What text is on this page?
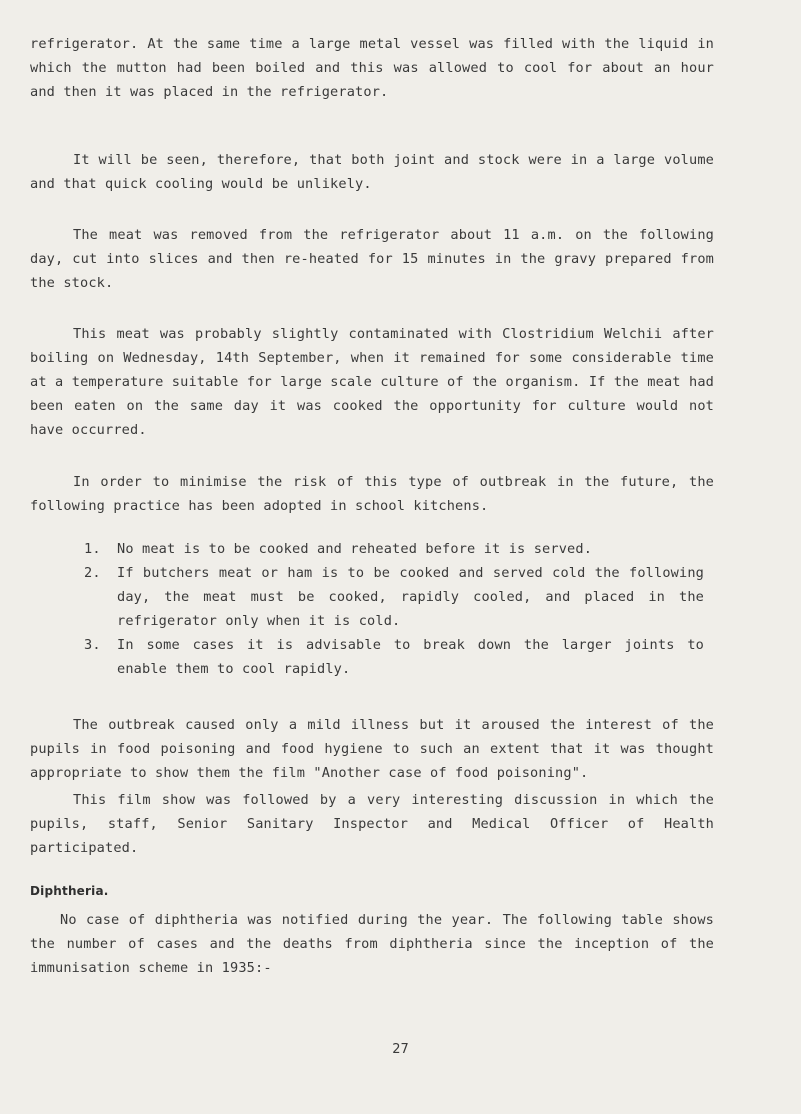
refrigerator. At the same time a large metal vessel was filled with the liquid in which the mutton had been boiled and this was allowed to cool for about an hour and then it was placed in the refrigerator.

It will be seen, therefore, that both joint and stock were in a large volume and that quick cooling would be unlikely.

The meat was removed from the refrigerator about 11 a.m. on the following day, cut into slices and then re-heated for 15 minutes in the gravy prepared from the stock.

This meat was probably slightly contaminated with Clostridium Welchii after boiling on Wednesday, 14th September, when it remained for some considerable time at a temperature suitable for large scale culture of the organism. If the meat had been eaten on the same day it was cooked the opportunity for culture would not have occurred.

In order to minimise the risk of this type of outbreak in the future, the following practice has been adopted in school kitchens.

1. No meat is to be cooked and reheated before it is served.
2. If butchers meat or ham is to be cooked and served cold the following day, the meat must be cooked, rapidly cooled, and placed in the refrigerator only when it is cold.
3. In some cases it is advisable to break down the larger joints to enable them to cool rapidly.

The outbreak caused only a mild illness but it aroused the interest of the pupils in food poisoning and food hygiene to such an extent that it was thought appropriate to show them the film "Another case of food poisoning".

This film show was followed by a very interesting discussion in which the pupils, staff, Senior Sanitary Inspector and Medical Officer of Health participated.

Diphtheria.

No case of diphtheria was notified during the year. The following table shows the number of cases and the deaths from diphtheria since the inception of the immunisation scheme in 1935:-

27
